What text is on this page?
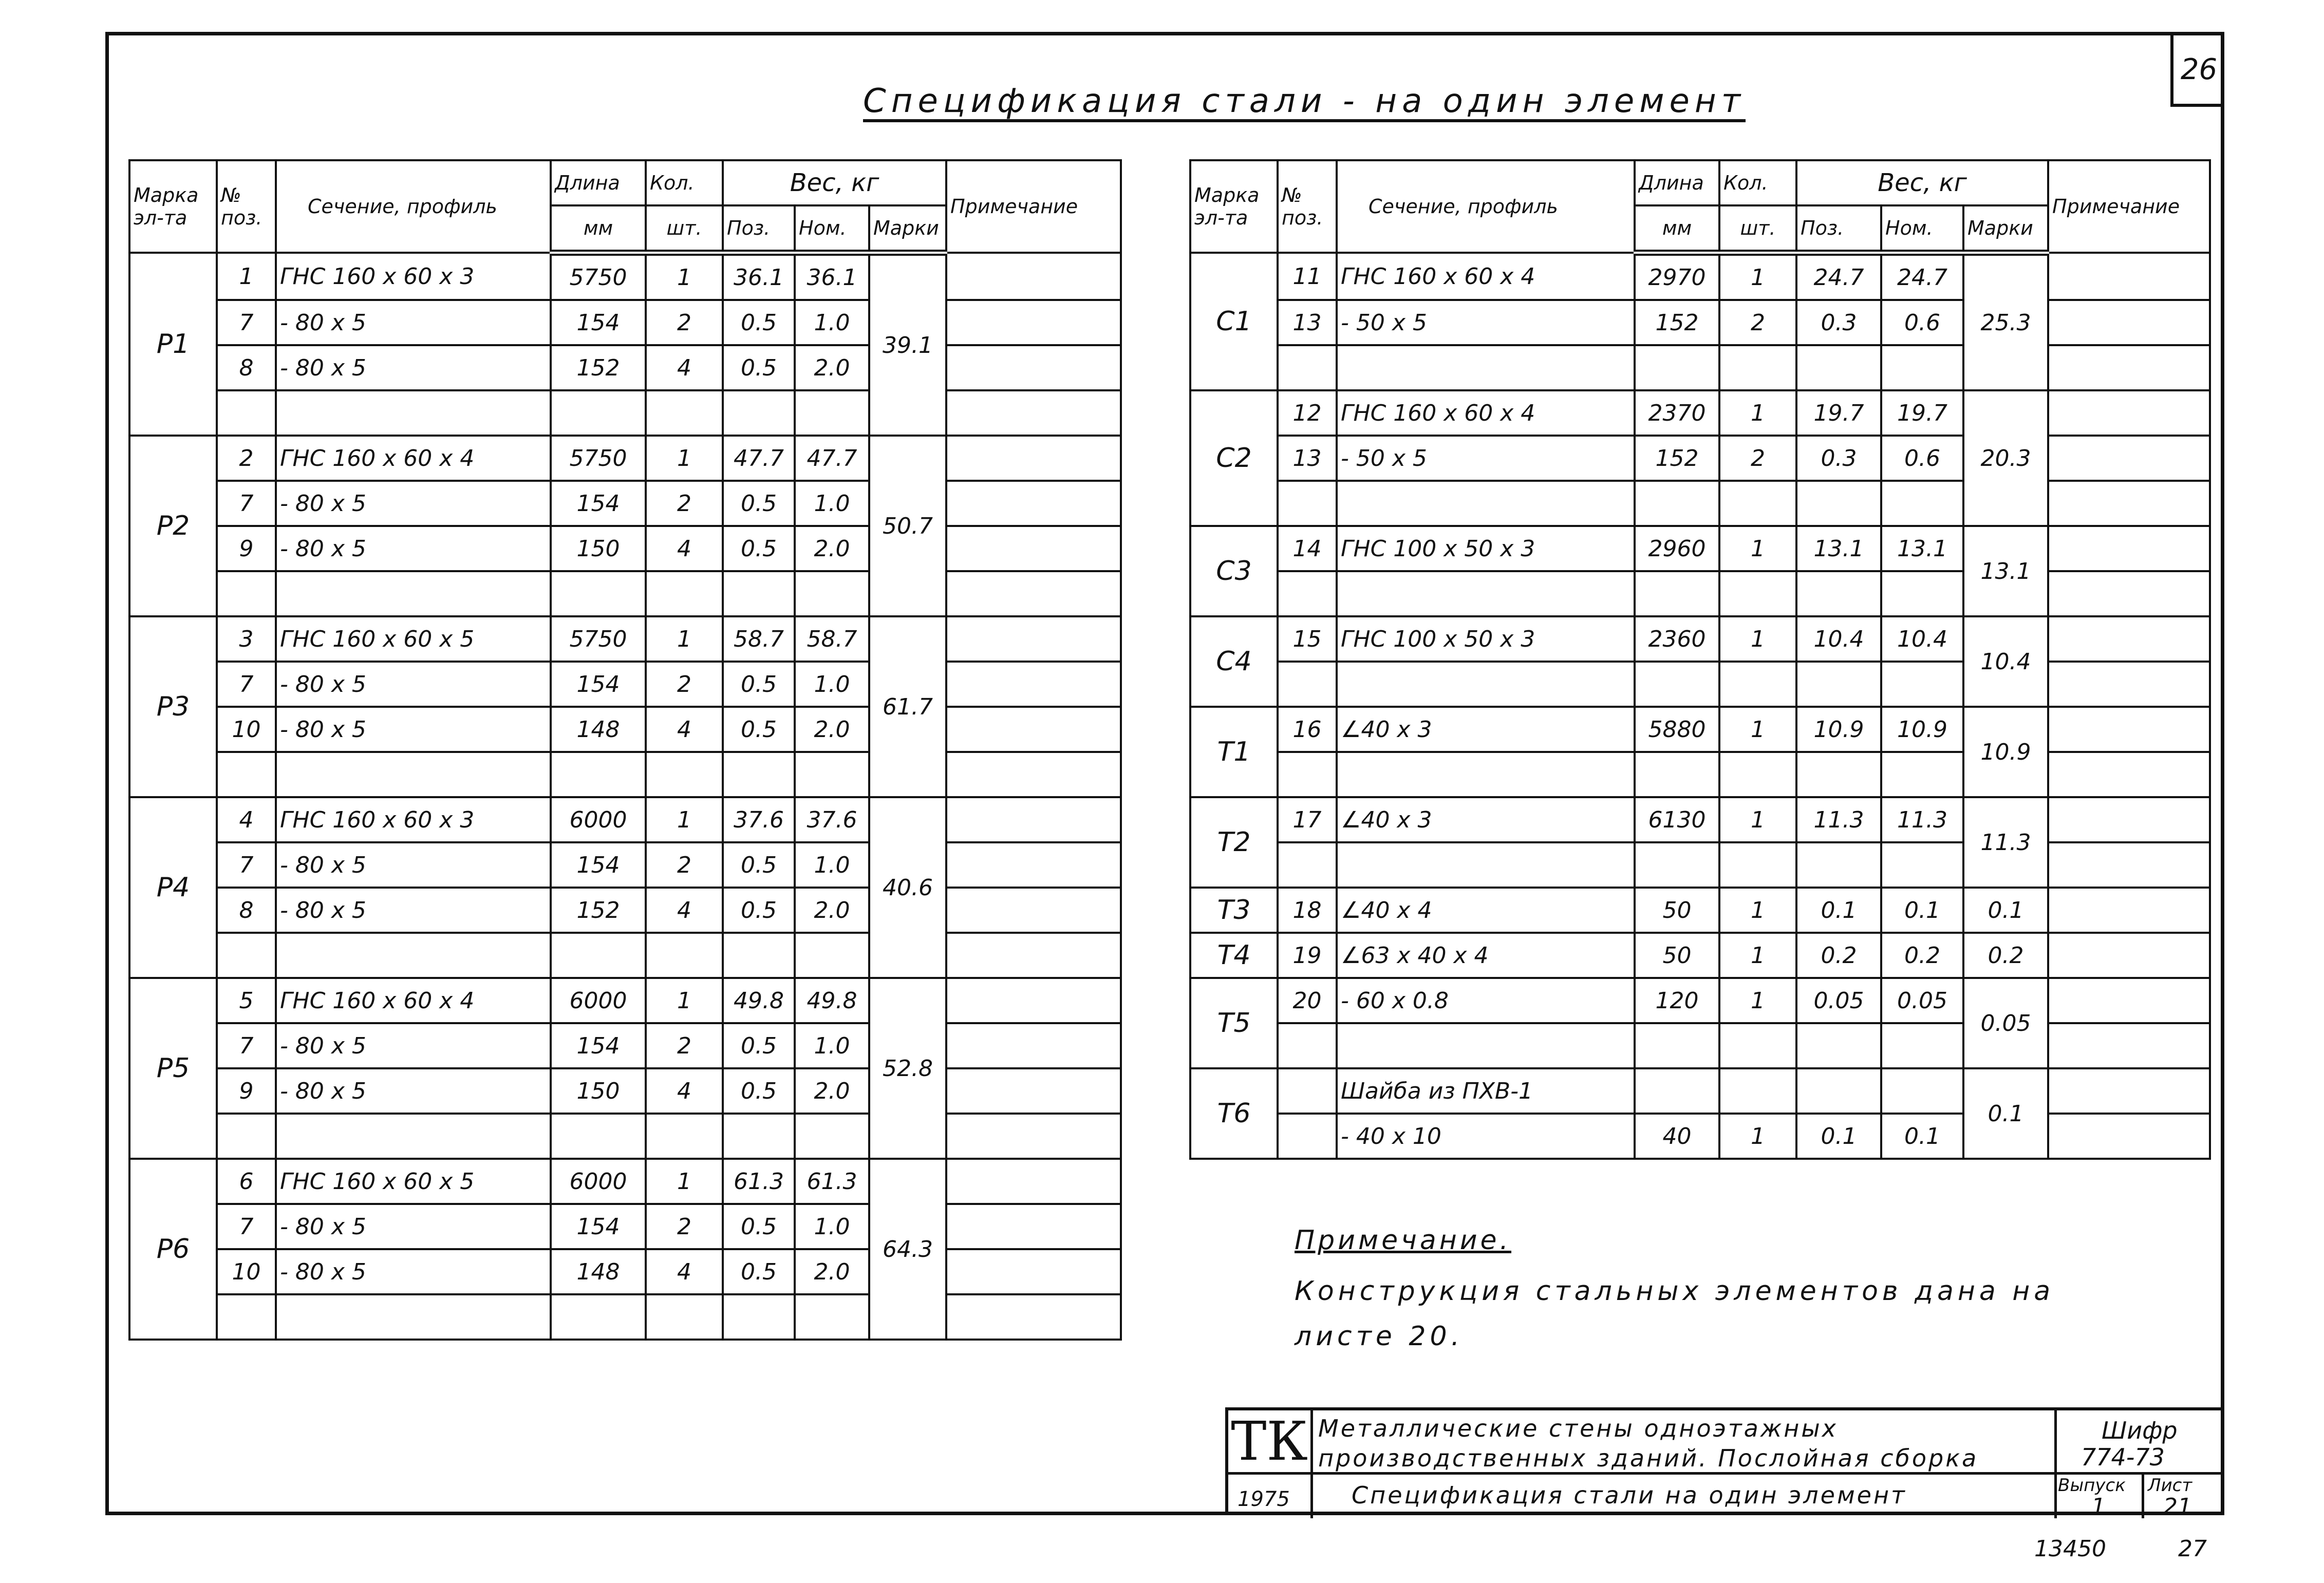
26
Спецификация стали - на один элемент
Марка эл-та	№ поз.	Сечение, профиль	Длина	Кол.	Вес, кг			Примечание
			мм	шт.	Поз.	Ном.	Марки	
Р1	1	ГНС 160 х 60 х 3	5750	1	36.1	36.1	39.1	
	7	- 80 х 5	154	2	0.5	1.0		
	8	- 80 х 5	152	4	0.5	2.0		

Р2	2	ГНС 160 х 60 х 4	5750	1	47.7	47.7	50.7	
	7	- 80 х 5	154	2	0.5	1.0		
	9	- 80 х 5	150	4	0.5	2.0		

Р3	3	ГНС 160 х 60 х 5	5750	1	58.7	58.7	61.7	
	7	- 80 х 5	154	2	0.5	1.0		
	10	- 80 х 5	148	4	0.5	2.0		

Р4	4	ГНС 160 х 60 х 3	6000	1	37.6	37.6	40.6	
	7	- 80 х 5	154	2	0.5	1.0		
	8	- 80 х 5	152	4	0.5	2.0		

Р5	5	ГНС 160 х 60 х 4	6000	1	49.8	49.8	52.8	
	7	- 80 х 5	154	2	0.5	1.0		
	9	- 80 х 5	150	4	0.5	2.0		

Р6	6	ГНС 160 х 60 х 5	6000	1	61.3	61.3	64.3	
	7	- 80 х 5	154	2	0.5	1.0		
	10	- 80 х 5	148	4	0.5	2.0		

Марка эл-та	№ поз.	Сечение, профиль	Длина	Кол.	Вес, кг			Примечание
			мм	шт.	Поз.	Ном.	Марки	
С1	11	ГНС 160 х 60 х 4	2970	1	24.7	24.7	25.3	
	13	- 50 х 5	152	2	0.3	0.6		

С2	12	ГНС 160 х 60 х 4	2370	1	19.7	19.7	20.3	
	13	- 50 х 5	152	2	0.3	0.6		

С3	14	ГНС 100 х 50 х 3	2960	1	13.1	13.1	13.1	

С4	15	ГНС 100 х 50 х 3	2360	1	10.4	10.4	10.4	

Т1	16	∠40 х 3	5880	1	10.9	10.9	10.9	

Т2	17	∠40 х 3	6130	1	11.3	11.3	11.3	

Т3	18	∠40 х 4	50	1	0.1	0.1	0.1	
Т4	19	∠63 х 40 х 4	50	1	0.2	0.2	0.2	
Т5	20	- 60 х 0.8	120	1	0.05	0.05	0.05	

Т6		Шайба из ПХВ-1					0.1	
		- 40 х 10	40	1	0.1	0.1		
Примечание.
Конструкция стальных элементов дана на листе 20.
ТК Металлические стены одноэтажных
производственных зданий. Послойная сборка
1975	Спецификация стали на один элемент
Шифр
774-73
Выпуск
1
Лист
21
13450	27
